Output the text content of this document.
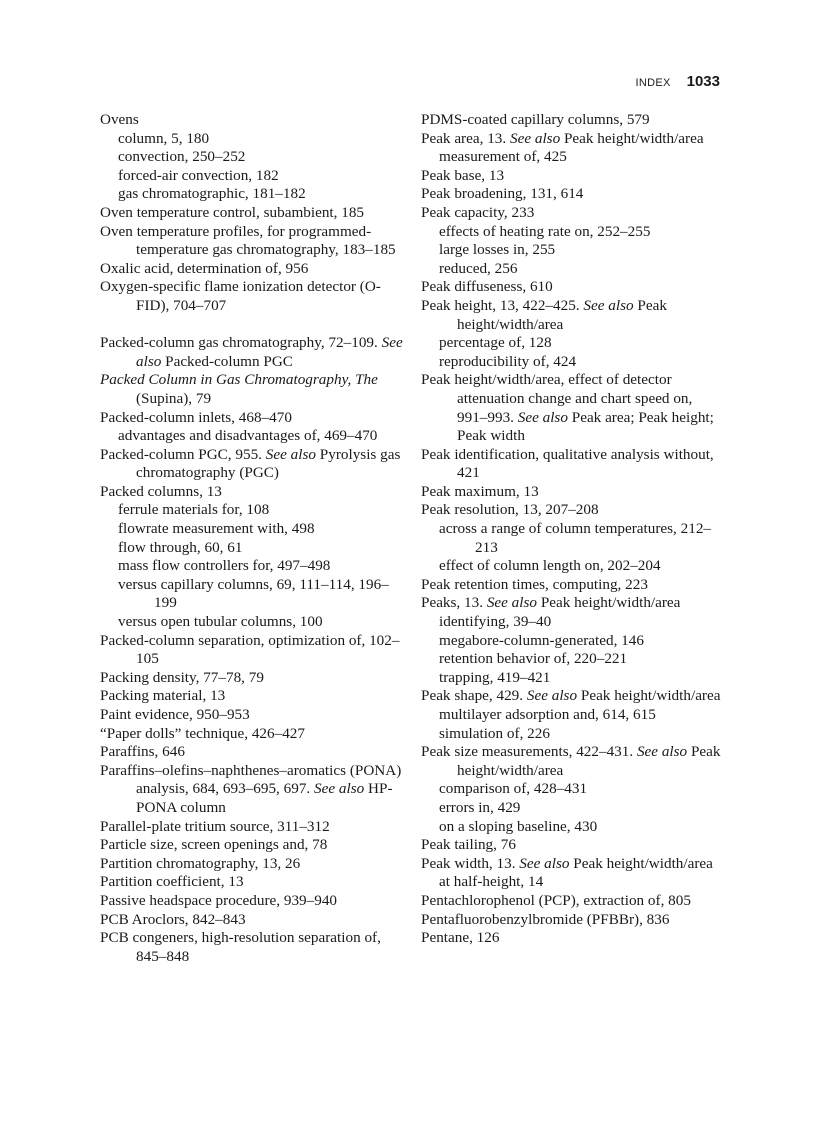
INDEX 1033
Ovens
column, 5, 180
convection, 250–252
forced-air convection, 182
gas chromatographic, 181–182
Oven temperature control, subambient, 185
Oven temperature profiles, for programmed- temperature gas chromatography, 183–185
Oxalic acid, determination of, 956
Oxygen-specific flame ionization detector (O-FID), 704–707
Packed-column gas chromatography, 72–109. See also Packed-column PGC
Packed Column in Gas Chromatography, The (Supina), 79
Packed-column inlets, 468–470
advantages and disadvantages of, 469–470
Packed-column PGC, 955. See also Pyrolysis gas chromatography (PGC)
Packed columns, 13
ferrule materials for, 108
flowrate measurement with, 498
flow through, 60, 61
mass flow controllers for, 497–498
versus capillary columns, 69, 111–114, 196–199
versus open tubular columns, 100
Packed-column separation, optimization of, 102–105
Packing density, 77–78, 79
Packing material, 13
Paint evidence, 950–953
“Paper dolls” technique, 426–427
Paraffins, 646
Paraffins–olefins–naphthenes–aromatics (PONA) analysis, 684, 693–695, 697. See also HP-PONA column
Parallel-plate tritium source, 311–312
Particle size, screen openings and, 78
Partition chromatography, 13, 26
Partition coefficient, 13
Passive headspace procedure, 939–940
PCB Aroclors, 842–843
PCB congeners, high-resolution separation of, 845–848
PDMS-coated capillary columns, 579
Peak area, 13. See also Peak height/width/area
measurement of, 425
Peak base, 13
Peak broadening, 131, 614
Peak capacity, 233
effects of heating rate on, 252–255
large losses in, 255
reduced, 256
Peak diffuseness, 610
Peak height, 13, 422–425. See also Peak height/width/area
percentage of, 128
reproducibility of, 424
Peak height/width/area, effect of detector attenuation change and chart speed on, 991–993. See also Peak area; Peak height; Peak width
Peak identification, qualitative analysis without, 421
Peak maximum, 13
Peak resolution, 13, 207–208
across a range of column temperatures, 212–213
effect of column length on, 202–204
Peak retention times, computing, 223
Peaks, 13. See also Peak height/width/area
identifying, 39–40
megabore-column-generated, 146
retention behavior of, 220–221
trapping, 419–421
Peak shape, 429. See also Peak height/width/area
multilayer adsorption and, 614, 615
simulation of, 226
Peak size measurements, 422–431. See also Peak height/width/area
comparison of, 428–431
errors in, 429
on a sloping baseline, 430
Peak tailing, 76
Peak width, 13. See also Peak height/width/area
at half-height, 14
Pentachlorophenol (PCP), extraction of, 805
Pentafluorobenzylbromide (PFBBr), 836
Pentane, 126
